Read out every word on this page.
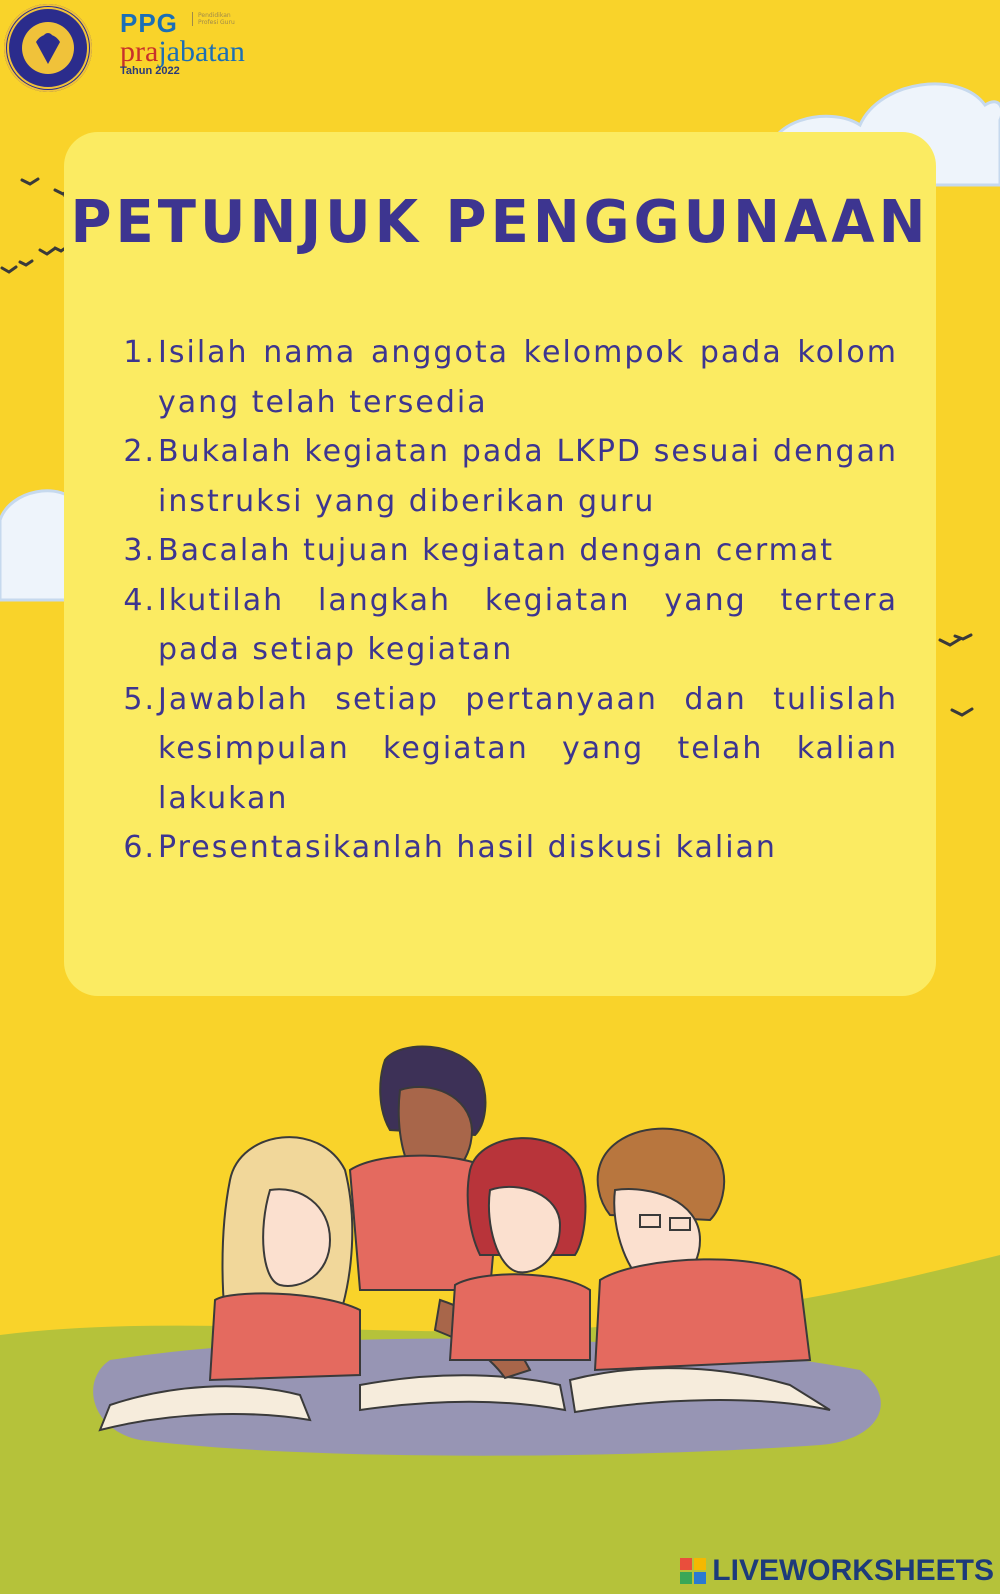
PPG	Pendidikan Profesi Guru
prajabatan
Tahun 2022
PETUNJUK PENGGUNAAN
1. Isilah nama anggota kelompok pada kolom yang telah tersedia
2. Bukalah kegiatan pada LKPD sesuai dengan instruksi yang diberikan guru
3. Bacalah tujuan kegiatan dengan cermat
4. Ikutilah langkah kegiatan yang tertera pada setiap kegiatan
5. Jawablah setiap pertanyaan dan tulislah kesimpulan kegiatan yang telah kalian lakukan
6. Presentasikanlah hasil diskusi kalian
LIVEWORKSHEETS
